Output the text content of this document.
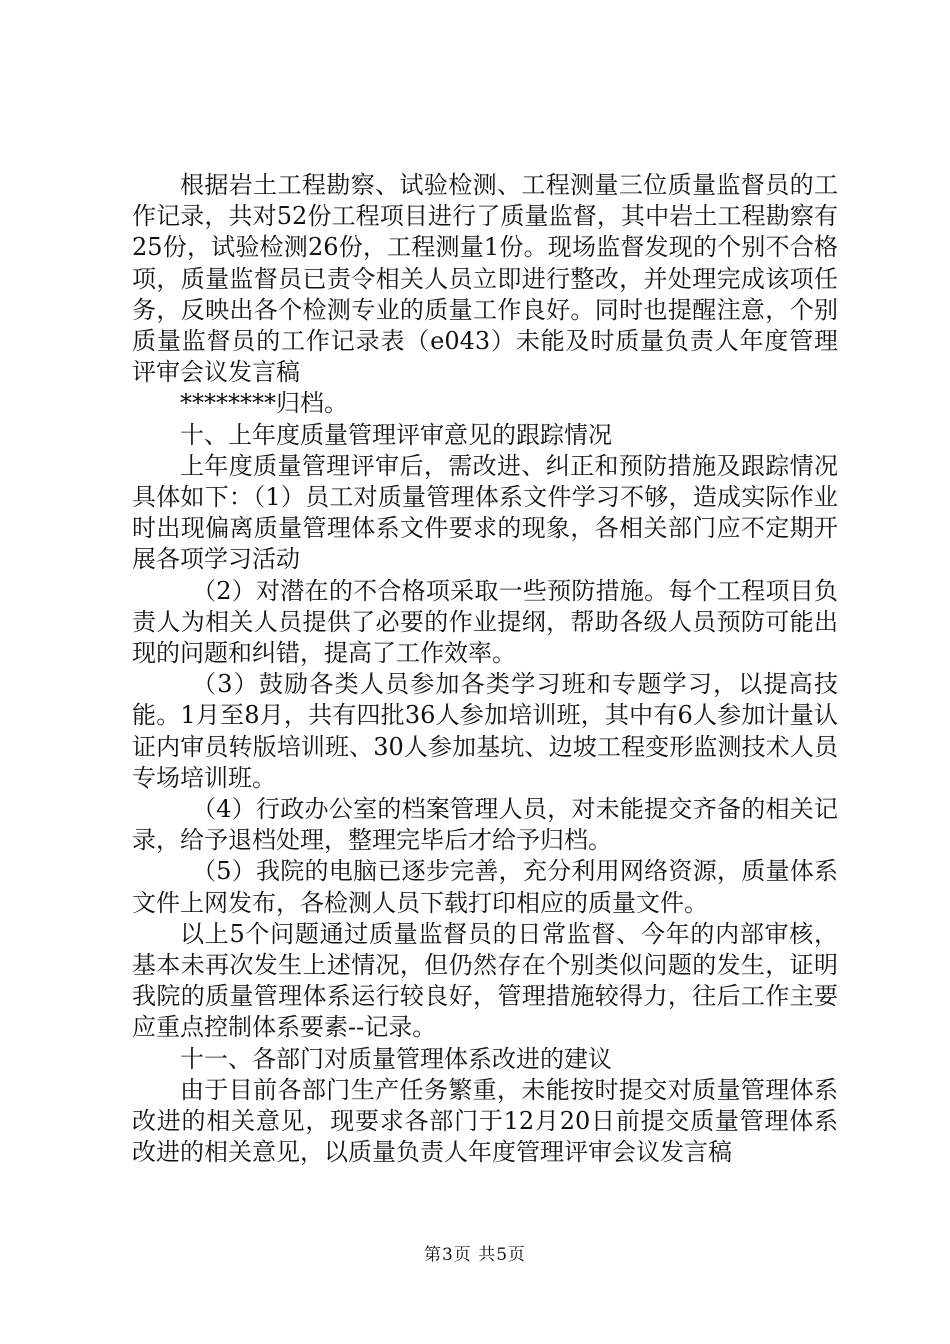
根据岩土工程勘察、试验检测、工程测量三位质量监督员的工作记录，共对52份工程项目进行了质量监督，其中岩土工程勘察有25份，试验检测26份，工程测量1份。现场监督发现的个别不合格项，质量监督员已责令相关人员立即进行整改，并处理完成该项任务，反映出各个检测专业的质量工作良好。同时也提醒注意，个别质量监督员的工作记录表（e043）未能及时质量负责人年度管理评审会议发言稿

********归档。

十、上年度质量管理评审意见的跟踪情况

上年度质量管理评审后，需改进、纠正和预防措施及跟踪情况具体如下：（1）员工对质量管理体系文件学习不够，造成实际作业时出现偏离质量管理体系文件要求的现象，各相关部门应不定期开展各项学习活动

（2）对潜在的不合格项采取一些预防措施。每个工程项目负责人为相关人员提供了必要的作业提纲，帮助各级人员预防可能出现的问题和纠错，提高了工作效率。

（3）鼓励各类人员参加各类学习班和专题学习，以提高技能。1月至8月，共有四批36人参加培训班，其中有6人参加计量认证内审员转版培训班、30人参加基坑、边坡工程变形监测技术人员专场培训班。

（4）行政办公室的档案管理人员，对未能提交齐备的相关记录，给予退档处理，整理完毕后才给予归档。

（5）我院的电脑已逐步完善，充分利用网络资源，质量体系文件上网发布，各检测人员下载打印相应的质量文件。

以上5个问题通过质量监督员的日常监督、今年的内部审核，基本未再次发生上述情况，但仍然存在个别类似问题的发生，证明我院的质量管理体系运行较良好，管理措施较得力，往后工作主要应重点控制体系要素--记录。

十一、各部门对质量管理体系改进的建议

由于目前各部门生产任务繁重，未能按时提交对质量管理体系改进的相关意见，现要求各部门于12月20日前提交质量管理体系改进的相关意见，以质量负责人年度管理评审会议发言稿

第3页 共5页
